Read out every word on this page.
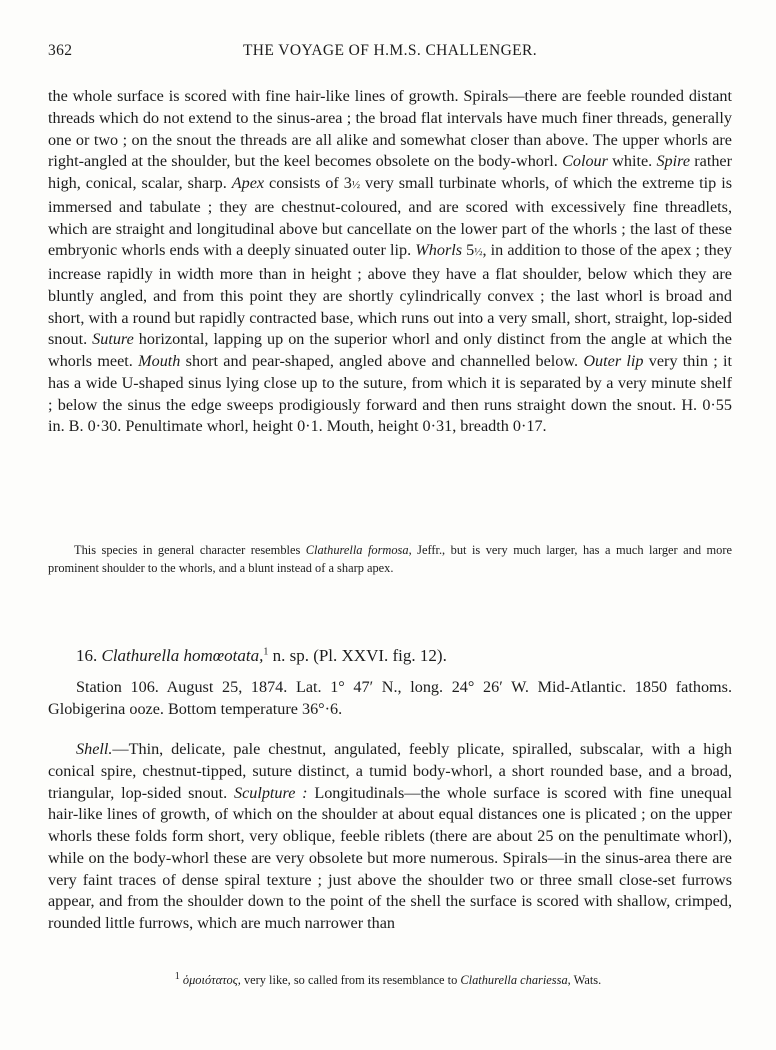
362	THE VOYAGE OF H.M.S. CHALLENGER.
the whole surface is scored with fine hair-like lines of growth. Spirals—there are feeble rounded distant threads which do not extend to the sinus-area ; the broad flat intervals have much finer threads, generally one or two ; on the snout the threads are all alike and somewhat closer than above. The upper whorls are right-angled at the shoulder, but the keel becomes obsolete on the body-whorl. Colour white. Spire rather high, conical, scalar, sharp. Apex consists of 3½ very small turbinate whorls, of which the extreme tip is immersed and tabulate ; they are chestnut-coloured, and are scored with excessively fine threadlets, which are straight and longitudinal above but cancellate on the lower part of the whorls ; the last of these embryonic whorls ends with a deeply sinuated outer lip. Whorls 5½, in addition to those of the apex ; they increase rapidly in width more than in height ; above they have a flat shoulder, below which they are bluntly angled, and from this point they are shortly cylindrically convex ; the last whorl is broad and short, with a round but rapidly contracted base, which runs out into a very small, short, straight, lop-sided snout. Suture horizontal, lapping up on the superior whorl and only distinct from the angle at which the whorls meet. Mouth short and pear-shaped, angled above and channelled below. Outer lip very thin ; it has a wide U-shaped sinus lying close up to the suture, from which it is separated by a very minute shelf ; below the sinus the edge sweeps prodigiously forward and then runs straight down the snout. H. 0·55 in. B. 0·30. Penultimate whorl, height 0·1. Mouth, height 0·31, breadth 0·17.
This species in general character resembles Clathurella formosa, Jeffr., but is very much larger, has a much larger and more prominent shoulder to the whorls, and a blunt instead of a sharp apex.
16. Clathurella homœotata,$^1$ n. sp. (Pl. XXVI. fig. 12).
Station 106. August 25, 1874. Lat. 1° 47′ N., long. 24° 26′ W. Mid-Atlantic. 1850 fathoms. Globigerina ooze. Bottom temperature 36°·6.
Shell.—Thin, delicate, pale chestnut, angulated, feebly plicate, spiralled, subscalar, with a high conical spire, chestnut-tipped, suture distinct, a tumid body-whorl, a short rounded base, and a broad, triangular, lop-sided snout. Sculpture : Longitudinals—the whole surface is scored with fine unequal hair-like lines of growth, of which on the shoulder at about equal distances one is plicated ; on the upper whorls these folds form short, very oblique, feeble riblets (there are about 25 on the penultimate whorl), while on the body-whorl these are very obsolete but more numerous. Spirals—in the sinus-area there are very faint traces of dense spiral texture ; just above the shoulder two or three small close-set furrows appear, and from the shoulder down to the point of the shell the surface is scored with shallow, crimped, rounded little furrows, which are much narrower than
$^1$ ὁμοιότατος, very like, so called from its resemblance to Clathurella chariessa, Wats.
